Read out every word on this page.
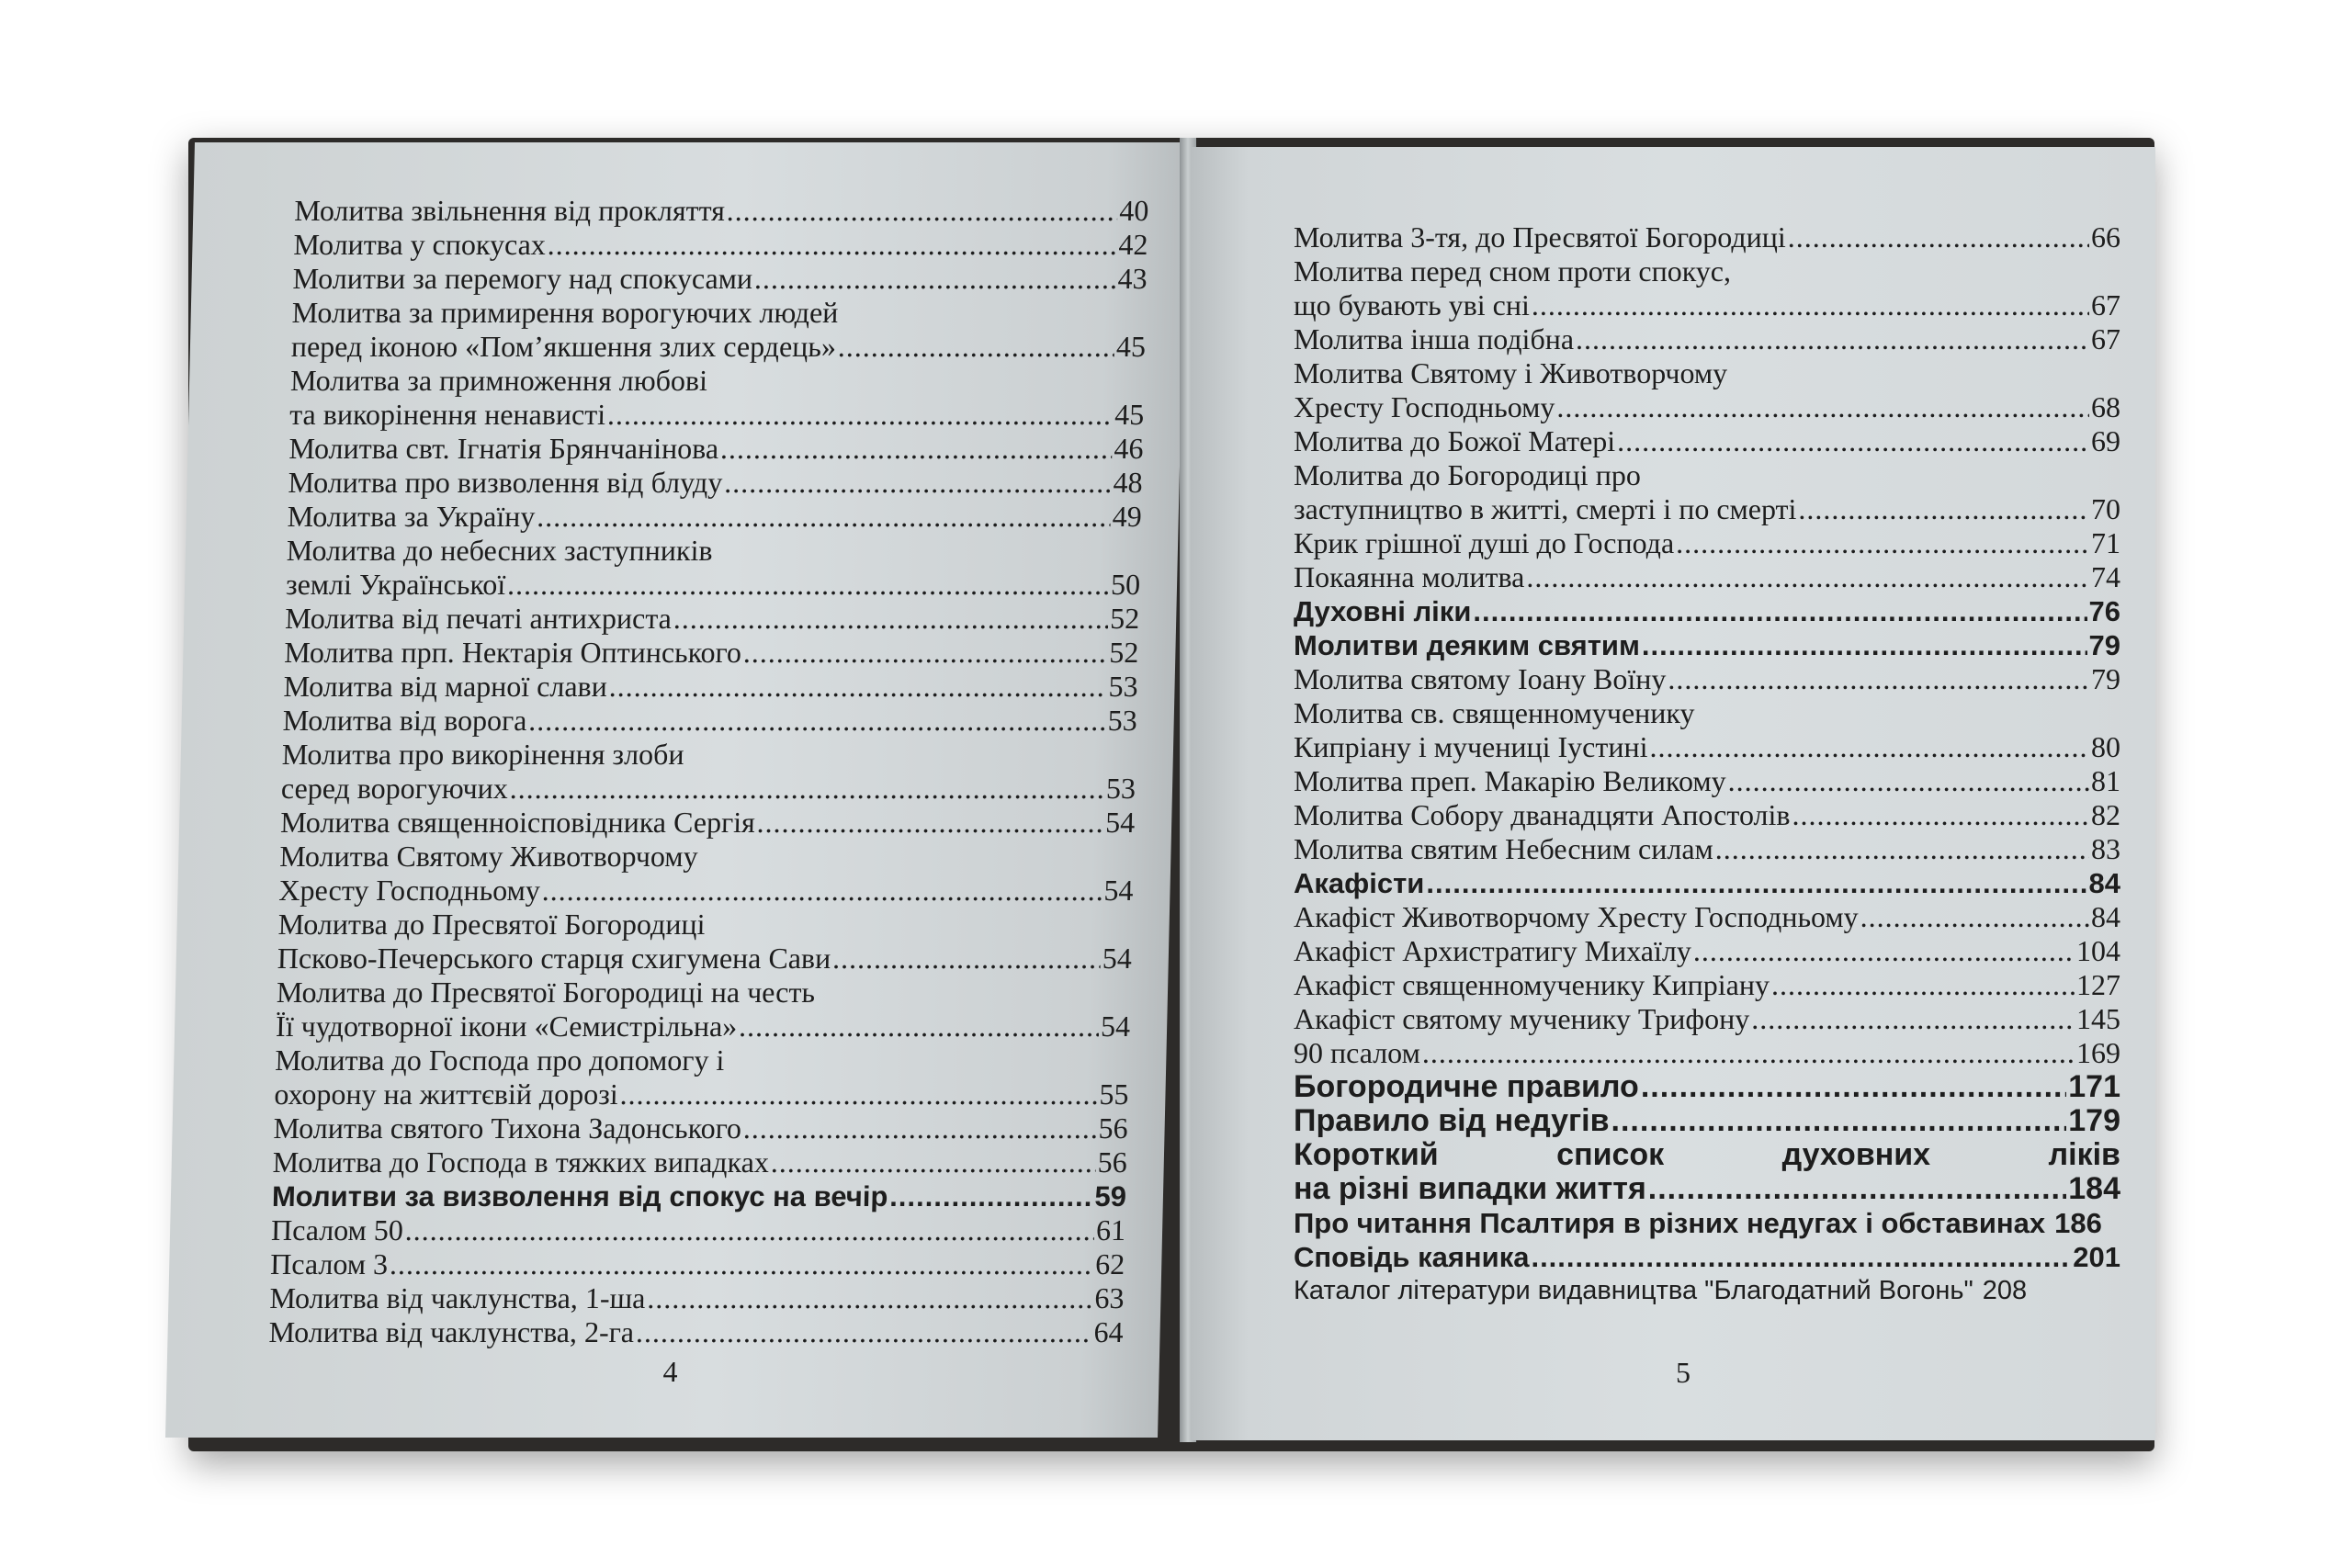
Молитва звільнення від прокляття .....	40
Молитва у спокусах .....	42
Молитви за перемогу над спокусами .....	43
Молитва за примирення ворогуючих людей
перед іконою «Пом’якшення злих сердець» .....	45
Молитва за примноження любові
та викорінення ненависті .....	45
Молитва свт. Ігнатія Брянчанінова .....	46
Молитва про визволення від блуду .....	48
Молитва за Україну .....	49
Молитва до небесних заступників
землі Української .....	50
Молитва від печаті антихриста .....	52
Молитва прп. Нектарія Оптинського .....	52
Молитва від марної слави .....	53
Молитва від ворога .....	53
Молитва про викорінення злоби
серед ворогуючих .....	53
Молитва священноісповідника Сергія .....	54
Молитва Святому Животворчому
Хресту Господньому .....	54
Молитва до Пресвятої Богородиці
Псково-Печерського старця схигумена Сави .....	54
Молитва до Пресвятої Богородиці на честь
Її чудотворної ікони «Семистрільна» .....	54
Молитва до Господа про допомогу і
охорону на життєвій дорозі .....	55
Молитва святого Тихона Задонського .....	56
Молитва до Господа в тяжких випадках .....	56
Молитви за визволення від спокус на вечір .....	59
Псалом 50 .....	61
Псалом 3 .....	62
Молитва від чаклунства, 1-ша .....	63
Молитва від чаклунства, 2-га .....	64
4
Молитва 3-тя, до Пресвятої Богородиці .....	66
Молитва перед сном проти спокус,
що бувають уві сні .....	67
Молитва інша подібна .....	67
Молитва Святому і Животворчому
Хресту Господньому .....	68
Молитва до Божої Матері .....	69
Молитва до Богородиці про
заступництво в житті, смерті і по смерті .....	70
Крик грішної душі до Господа .....	71
Покаянна молитва .....	74
Духовні ліки .....	76
Молитви деяким святим .....	79
Молитва святому Іоану Воїну .....	79
Молитва св. священномученику
Кипріану і мучениці Іустині .....	80
Молитва преп. Макарію Великому .....	81
Молитва Собору дванадцяти Апостолів .....	82
Молитва святим Небесним силам .....	83
Акафісти .....	84
Акафіст Животворчому Хресту Господньому .....	84
Акафіст Архистратигу Михаїлу .....	104
Акафіст священномученику Кипріану .....	127
Акафіст святому мученику Трифону .....	145
90 псалом .....	169
Богородичне правило .....	171
Правило від недугів .....	179
Короткий	список	духовних	ліків
на різні випадки життя .....	184
Про читання Псалтиря в різних недугах і обставинах 186
Сповідь каяника .....	201
Каталог літератури видавництва "Благодатний Вогонь" 208
5
